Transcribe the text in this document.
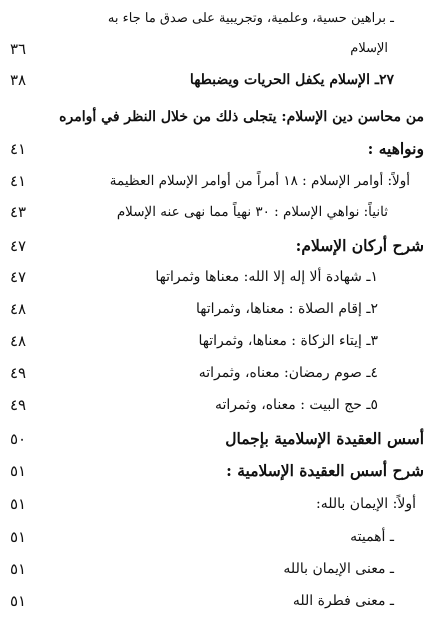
ـ براهين حسية، وعلمية، وتجريبية على صدق ما جاء به
الإسلام
٣٦
٢٧ـ الإسلام يكفل الحريات ويضبطها
٣٨
من محاسن دين الإسلام: يتجلى ذلك من خلال النظر في أوامره
ونواهيه :
٤١
أولاً: أوامر الإسلام : ١٨ أمراً من أوامر الإسلام العظيمة
٤١
ثانياً: نواهي الإسلام : ٣٠ نهياً مما نهى عنه الإسلام
٤٣
شرح أركان الإسلام:
٤٧
١ـ شهادة ألا إله إلا الله: معناها وثمراتها
٤٧
٢ـ إقام الصلاة : معناها، وثمراتها
٤٨
٣ـ إيتاء الزكاة : معناها، وثمراتها
٤٨
٤ـ صوم رمضان: معناه، وثمراته
٤٩
٥ـ حج البيت : معناه، وثمراته
٤٩
أسس العقيدة الإسلامية بإجمال
٥٠
شرح أسس العقيدة الإسلامية :
٥١
أولاً: الإيمان بالله:
٥١
ـ أهميته
٥١
ـ معنى الإيمان بالله
٥١
ـ معنى فطرة الله
٥١
